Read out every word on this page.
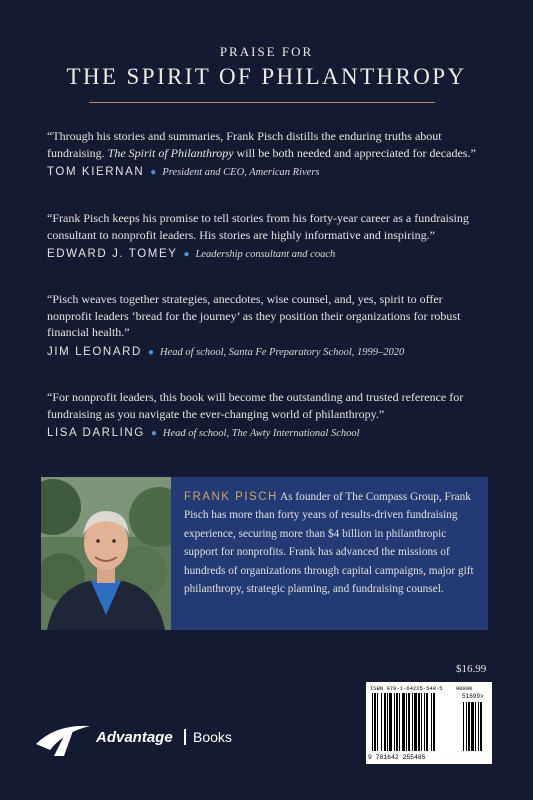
PRAISE FOR
THE SPIRIT OF PHILANTHROPY

“Through his stories and summaries, Frank Pisch distills the enduring truths about fundraising. The Spirit of Philanthropy will be both needed and appreciated for decades.”

TOM KIERNAN ● President and CEO, American Rivers

“Frank Pisch keeps his promise to tell stories from his forty-year career as a fundraising consultant to nonprofit leaders. His stories are highly informative and inspiring.”

EDWARD J. TOMEY ● Leadership consultant and coach

“Pisch weaves together strategies, anecdotes, wise counsel, and, yes, spirit to offer nonprofit leaders ‘bread for the journey’ as they position their organizations for robust financial health.”

JIM LEONARD ● Head of school, Santa Fe Preparatory School, 1999–2020

“For nonprofit leaders, this book will become the outstanding and trusted reference for fundraising as you navigate the ever-changing world of philanthropy.”

LISA DARLING ● Head of school, The Awty International School
FRANK PISCH As founder of The Compass Group, Frank Pisch has more than forty years of results-driven fundraising experience, securing more than $4 billion in philanthropic support for nonprofits. Frank has advanced the missions of hundreds of organizations through capital campaigns, major gift philanthropy, strategic planning, and fundraising counsel.
$16.99
ISBN 978-1-64225-548-5 90000
9 781642 255485
51699>
Advantage Books
